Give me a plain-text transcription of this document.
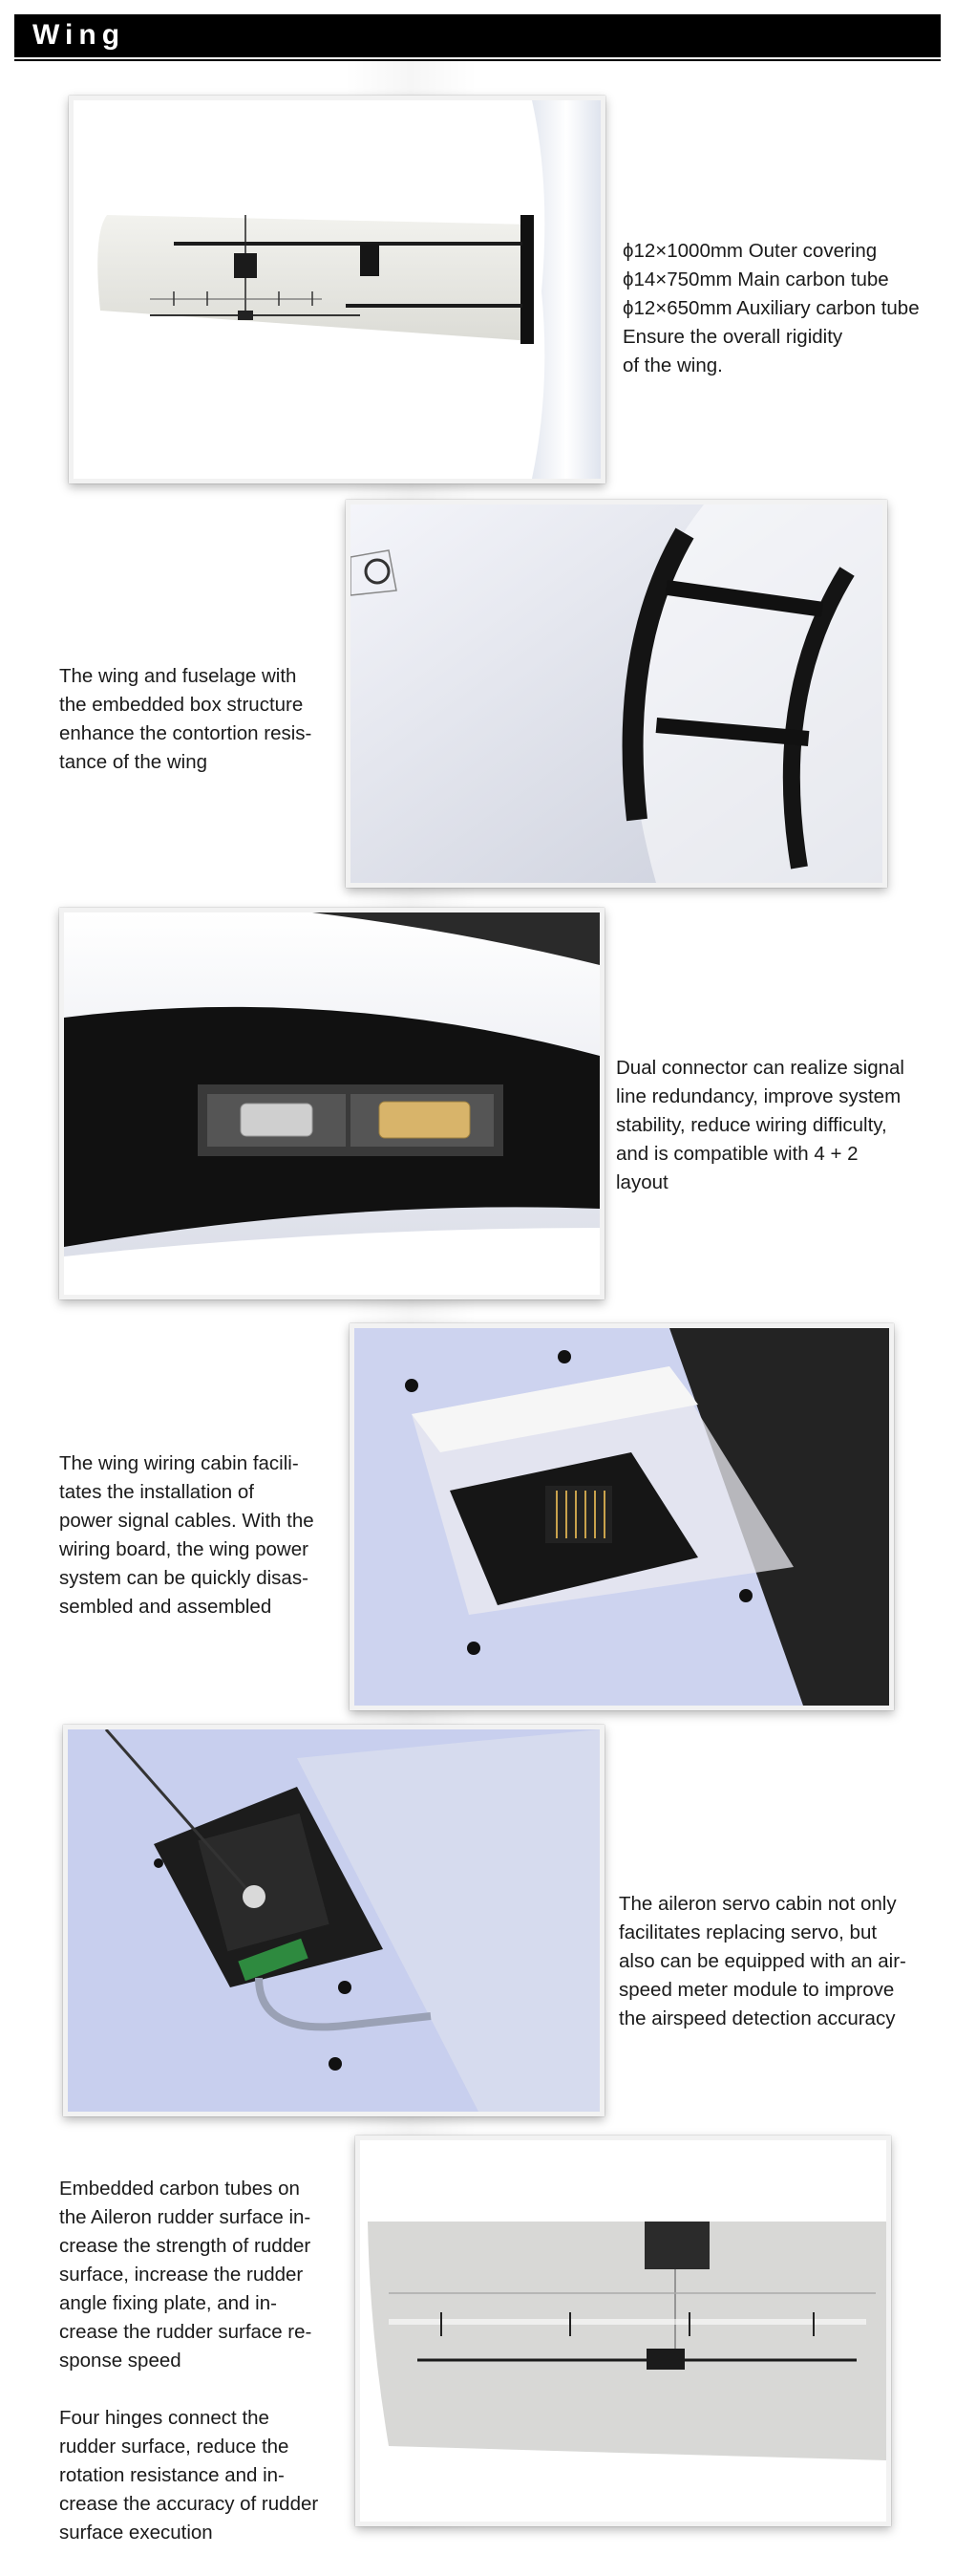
Wing

ϕ12×1000mm Outer covering
ϕ14×750mm Main carbon tube
ϕ12×650mm Auxiliary carbon tube
Ensure the overall rigidity
of the wing.

The wing and fuselage with
the embedded box structure
enhance the contortion resis-
tance of the wing

Dual connector can realize signal
line redundancy, improve system
stability, reduce wiring difficulty,
and is compatible with 4 + 2
layout

The wing wiring cabin facili-
tates the installation of
power signal cables. With the
wiring board, the wing power
system can be quickly disas-
sembled and assembled

The aileron servo cabin not only
facilitates replacing servo, but
also can be equipped with an air-
speed meter module to improve
the airspeed detection accuracy

Embedded carbon tubes on
the Aileron rudder surface in-
crease the strength of rudder
surface, increase the rudder
angle fixing plate, and in-
crease the rudder surface re-
sponse speed
Four hinges connect the
rudder surface, reduce the
rotation resistance and in-
crease the accuracy of rudder
surface execution
